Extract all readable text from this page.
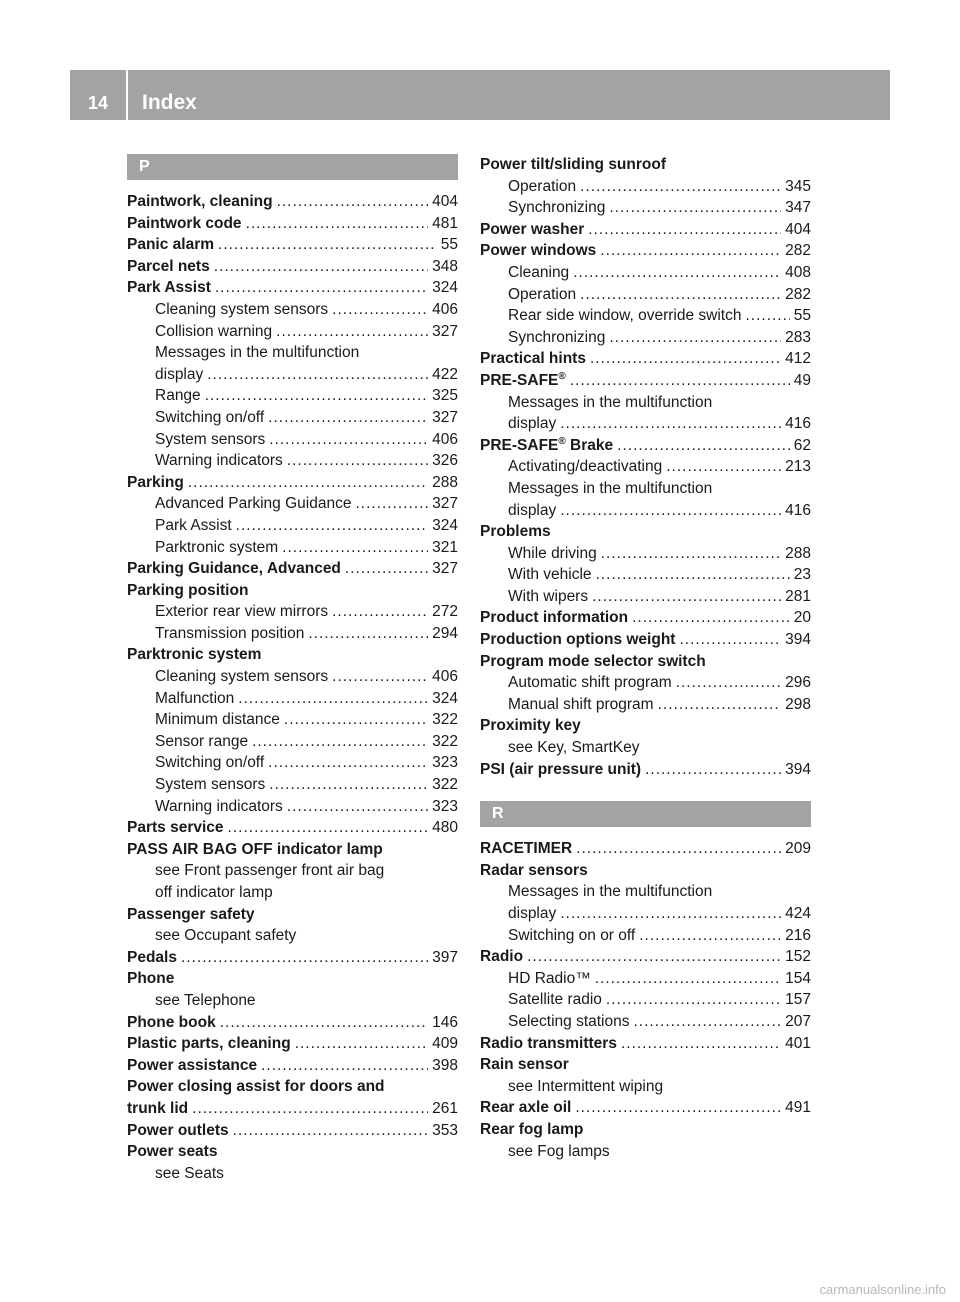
14	Index
P
Paintwork, cleaning .....	404
Paintwork code .....	481
Panic alarm .....	55
Parcel nets .....	348
Park Assist .....	324
Cleaning system sensors .....	406
Collision warning .....	327
Messages in the multifunction
display .....	422
Range .....	325
Switching on/off .....	327
System sensors .....	406
Warning indicators .....	326
Parking .....	288
Advanced Parking Guidance .....	327
Park Assist .....	324
Parktronic system .....	321
Parking Guidance, Advanced .....	327
Parking position
Exterior rear view mirrors .....	272
Transmission position .....	294
Parktronic system
Cleaning system sensors .....	406
Malfunction .....	324
Minimum distance .....	322
Sensor range .....	322
Switching on/off .....	323
System sensors .....	322
Warning indicators .....	323
Parts service .....	480
PASS AIR BAG OFF indicator lamp
see Front passenger front air bag
off indicator lamp
Passenger safety
see Occupant safety
Pedals .....	397
Phone
see Telephone
Phone book .....	146
Plastic parts, cleaning .....	409
Power assistance .....	398
Power closing assist for doors and
trunk lid .....	261
Power outlets .....	353
Power seats
see Seats
Power tilt/sliding sunroof
Operation .....	345
Synchronizing .....	347
Power washer .....	404
Power windows .....	282
Cleaning .....	408
Operation .....	282
Rear side window, override switch .....	55
Synchronizing .....	283
Practical hints .....	412
PRE-SAFE® .....	49
Messages in the multifunction
display .....	416
PRE-SAFE® Brake .....	62
Activating/deactivating .....	213
Messages in the multifunction
display .....	416
Problems
While driving .....	288
With vehicle .....	23
With wipers .....	281
Product information .....	20
Production options weight .....	394
Program mode selector switch
Automatic shift program .....	296
Manual shift program .....	298
Proximity key
see Key, SmartKey
PSI (air pressure unit) .....	394
R
RACETIMER .....	209
Radar sensors
Messages in the multifunction
display .....	424
Switching on or off .....	216
Radio .....	152
HD Radio™ .....	154
Satellite radio .....	157
Selecting stations .....	207
Radio transmitters .....	401
Rain sensor
see Intermittent wiping
Rear axle oil .....	491
Rear fog lamp
see Fog lamps
carmanualsonline.info
